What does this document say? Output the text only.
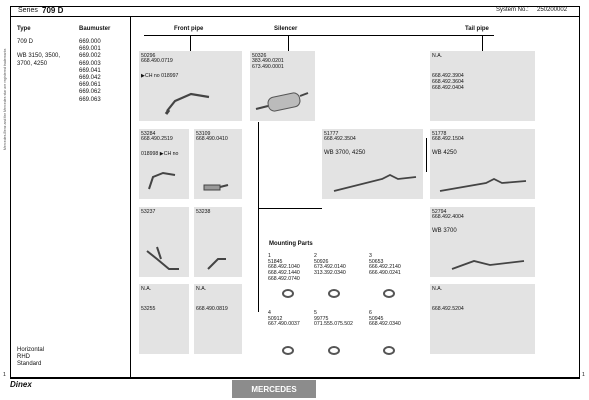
Series 709 D	System No.: 250200002
Type	Baumuster
709 D

WB 3150, 3500,
3700, 4250
669.000
669.001
669.002
669.003
669.041
669.042
669.061
669.062
669.063
Horizontal
RHD
Standard
Mercedes-Benz and the Mercedes star are registered trademarks
Front pipe	Silencer	Tail pipe
50296
668.490.0719
▶CH no 018997
50326
383.490.0201
673.490.0001
N.A.
668.492.3904
668.492.3604
668.492.0404
53284
668.490.2519
018998 ▶CH no
53109
668.490.0410
51777
668.492.3504
WB 3700, 4250
51778
668.492.1504
WB 4250
53237	53238	52794
668.492.4004
WB 3700
Mounting Parts
1
51845
668.492.1040
668.492.1440
668.492.0740
2
50926
673.492.0140
313.392.0340
3
50653
666.492.2140
666.490.0241
4
50912
667.490.0037
5
99775
071.555.075.502
6
50945
668.492.0340
N.A.
53255
N.A.
668.490.0819
N.A.
668.492.5204
Dinex	MERCEDES
1	1
